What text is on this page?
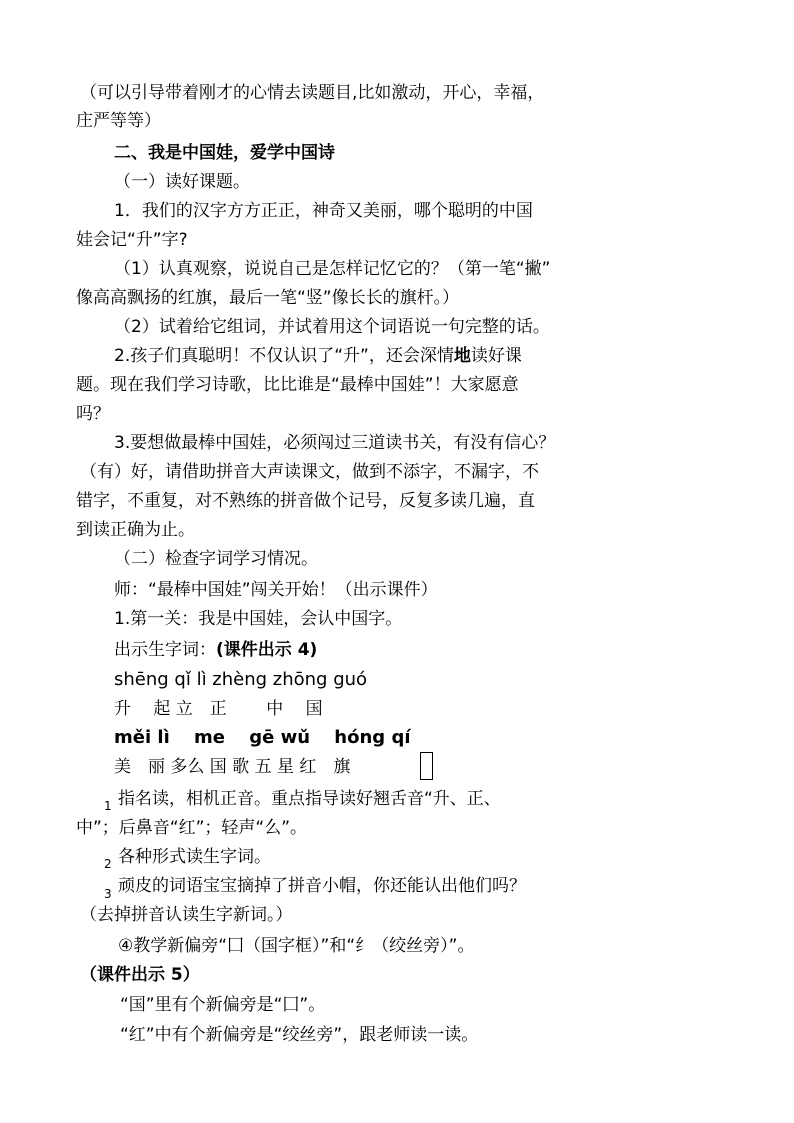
（可以引导带着刚才的心情去读题目,比如激动，开心，幸福，
庄严等等）
二、我是中国娃，爱学中国诗
（一）读好课题。
1．我们的汉字方方正正，神奇又美丽，哪个聪明的中国
娃会记“升”字?
（1）认真观察，说说自己是怎样记忆它的？（第一笔“撇”
像高高飘扬的红旗，最后一笔“竖”像长长的旗杆。）
（2）试着给它组词，并试着用这个词语说一句完整的话。
2.孩子们真聪明！不仅认识了“升”，还会深情地读好课
题。现在我们学习诗歌，比比谁是“最棒中国娃”！大家愿意
吗？
3.要想做最棒中国娃，必须闯过三道读书关，有没有信心？
（有）好，请借助拼音大声读课文，做到不添字，不漏字，不
错字，不重复，对不熟练的拼音做个记号，反复多读几遍，直
到读正确为止。
（二）检查字词学习情况。
师：“最棒中国娃”闯关开始！（出示课件）
1.第一关：我是中国娃，会认中国字。
出示生字词：(课件出示 4)
shēng qǐ lì zhèng zhōng guó
升　 起 立　正　　 中　 国
měi lì　 me　 gē wǔ　 hóng qí
美　丽 多么 国 歌 五 星 红　旗
1 指名读，相机正音。重点指导读好翘舌音“升、正、
中”；后鼻音“红”；轻声“么”。
2 各种形式读生字词。
3 顽皮的词语宝宝摘掉了拼音小帽，你还能认出他们吗？
（去掉拼音认读生字新词。）
④教学新偏旁“囗（国字框）”和“纟（绞丝旁）”。
（课件出示 5）
“国”里有个新偏旁是“囗”。
“红”中有个新偏旁是“绞丝旁”，跟老师读一读。
